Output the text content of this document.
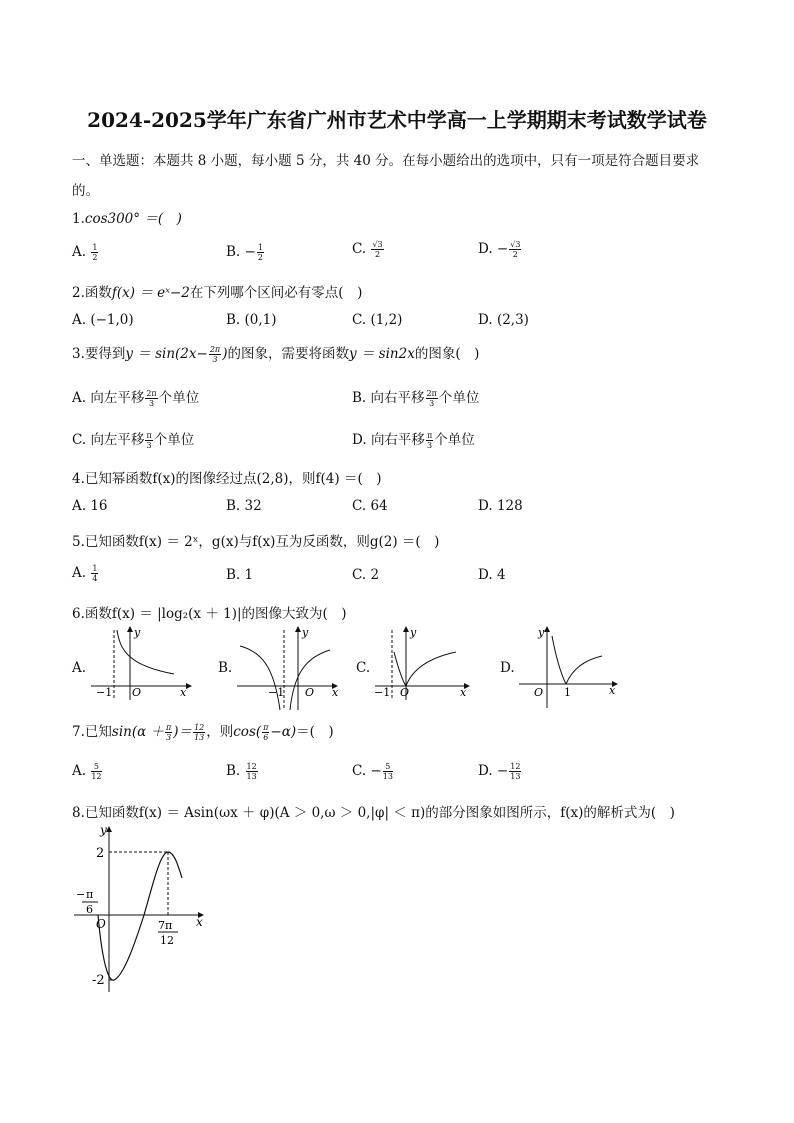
2024-2025学年广东省广州市艺术中学高一上学期期末考试数学试卷
一、单选题：本题共 8 小题，每小题 5 分，共 40 分。在每小题给出的选项中，只有一项是符合题目要求
的。
1.cos300° ＝(　)
A. $\frac{1}{2}$	B. − $\frac{1}{2}$	C. $\frac{√3}{2}$	D. − $\frac{√3}{2}$
2.函数f(x) ＝ eˣ−2在下列哪个区间必有零点(　)
A. (−1,0)	B. (0,1)	C. (1,2)	D. (2,3)
3.要得到$y = \sin(2x- \frac{2\pi}{3}$ )的图象，需要将函数y ＝ sin2x的图象(　)
A. 向左平移 $\frac{2\pi}{3}$ 个单位	B. 向右平移 $\frac{2\pi}{3}$ 个单位
C. 向左平移 $\frac{\pi}{3}$ 个单位	D. 向右平移 $\frac{\pi}{3}$ 个单位
4.已知幂函数f(x)的图像经过点(2,8)，则f(4) ＝(　)
A. 16	B. 32	C. 64	D. 128
5.已知函数f(x) ＝ 2ˣ，g(x)与f(x)互为反函数，则g(2) ＝(　)
A. $\frac{1}{4}$	B. 1	C. 2	D. 4
6.函数f(x) ＝ |log₂(x ＋ 1)|的图像大致为(　)
A.
y
x
O
−1
B.
y
x
O
−1
C.
y
x
O
−1
D.
y
x
O 1
7.已知$\sin(\alpha + \frac{\pi}{3}$ )＝ $\frac{12}{13}$ ，则$\cos( \frac{\pi}{6} -\alpha)=$(　)
A. $\frac{5}{12}$	B. $\frac{12}{13}$	C. − $\frac{5}{13}$	D. − $\frac{12}{13}$
8.已知函数f(x) ＝ Asin(ωx ＋ φ)(A ＞ 0,ω ＞ 0,|φ| ＜ π)的部分图象如图所示，f(x)的解析式为(　)
y
x
O
2
-2
− π
6
7π
12
